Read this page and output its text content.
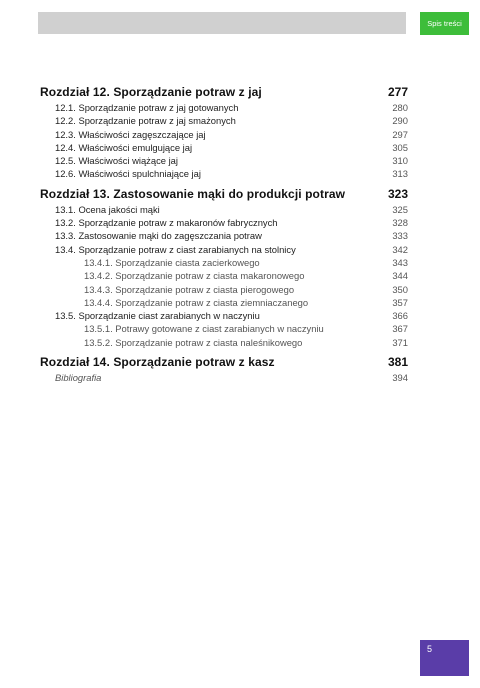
Spis treści
Rozdział 12. Sporządzanie potraw z jaj	277
12.1. Sporządzanie potraw z jaj gotowanych	280
12.2. Sporządzanie potraw z jaj smażonych	290
12.3. Właściwości zagęszczające jaj	297
12.4. Właściwości emulgujące jaj	305
12.5. Właściwości wiążące jaj	310
12.6. Właściwości spulchniające jaj	313
Rozdział 13. Zastosowanie mąki do produkcji potraw	323
13.1. Ocena jakości mąki	325
13.2. Sporządzanie potraw z makaronów fabrycznych	328
13.3. Zastosowanie mąki do zagęszczania potraw	333
13.4. Sporządzanie potraw z ciast zarabianych na stolnicy	342
13.4.1. Sporządzanie ciasta zacierkowego	343
13.4.2. Sporządzanie potraw z ciasta makaronowego	344
13.4.3. Sporządzanie potraw z ciasta pierogowego	350
13.4.4. Sporządzanie potraw z ciasta ziemniaczanego	357
13.5. Sporządzanie ciast zarabianych w naczyniu	366
13.5.1. Potrawy gotowane z ciast zarabianych w naczyniu	367
13.5.2. Sporządzanie potraw z ciasta naleśnikowego	371
Rozdział 14. Sporządzanie potraw z kasz	381
Bibliografia	394
5
